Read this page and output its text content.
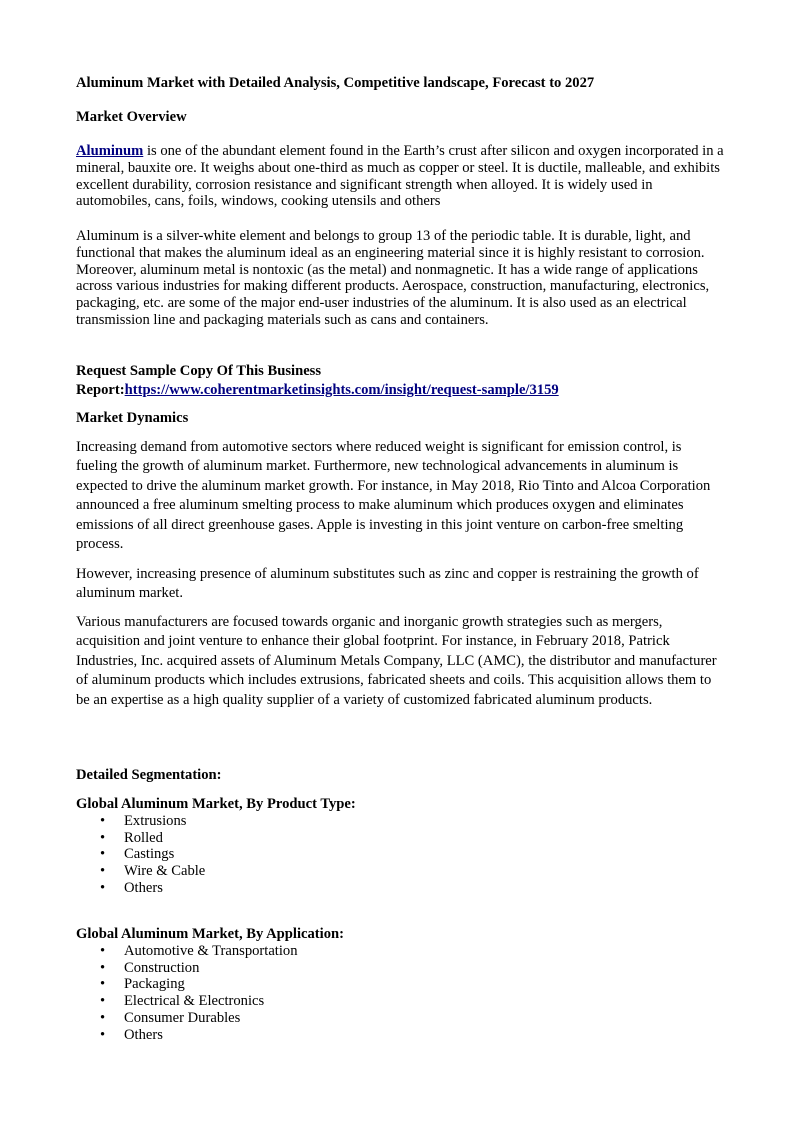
Aluminum Market with Detailed Analysis, Competitive landscape, Forecast to 2027

Market Overview

Aluminum is one of the abundant element found in the Earth’s crust after silicon and oxygen incorporated in a mineral, bauxite ore. It weighs about one-third as much as copper or steel. It is ductile, malleable, and exhibits excellent durability, corrosion resistance and significant strength when alloyed. It is widely used in automobiles, cans, foils, windows, cooking utensils and others

Aluminum is a silver-white element and belongs to group 13 of the periodic table. It is durable, light, and functional that makes the aluminum ideal as an engineering material since it is highly resistant to corrosion. Moreover, aluminum metal is nontoxic (as the metal) and nonmagnetic. It has a wide range of applications across various industries for making different products. Aerospace, construction, manufacturing, electronics, packaging, etc. are some of the major end-user industries of the aluminum. It is also used as an electrical transmission line and packaging materials such as cans and containers.

Request Sample Copy Of This Business
Report:https://www.coherentmarketinsights.com/insight/request-sample/3159

Market Dynamics

Increasing demand from automotive sectors where reduced weight is significant for emission control, is fueling the growth of aluminum market. Furthermore, new technological advancements in aluminum is expected to drive the aluminum market growth. For instance, in May 2018, Rio Tinto and Alcoa Corporation announced a free aluminum smelting process to make aluminum which produces oxygen and eliminates emissions of all direct greenhouse gases. Apple is investing in this joint venture on carbon-free smelting process.

However, increasing presence of aluminum substitutes such as zinc and copper is restraining the growth of aluminum market.

Various manufacturers are focused towards organic and inorganic growth strategies such as mergers, acquisition and joint venture to enhance their global footprint. For instance, in February 2018, Patrick Industries, Inc. acquired assets of Aluminum Metals Company, LLC (AMC), the distributor and manufacturer of aluminum products which includes extrusions, fabricated sheets and coils. This acquisition allows them to be an expertise as a high quality supplier of a variety of customized fabricated aluminum products.

Detailed Segmentation:

Global Aluminum Market, By Product Type:
• Extrusions
• Rolled
• Castings
• Wire & Cable
• Others
Global Aluminum Market, By Application:
• Automotive & Transportation
• Construction
• Packaging
• Electrical & Electronics
• Consumer Durables
• Others
